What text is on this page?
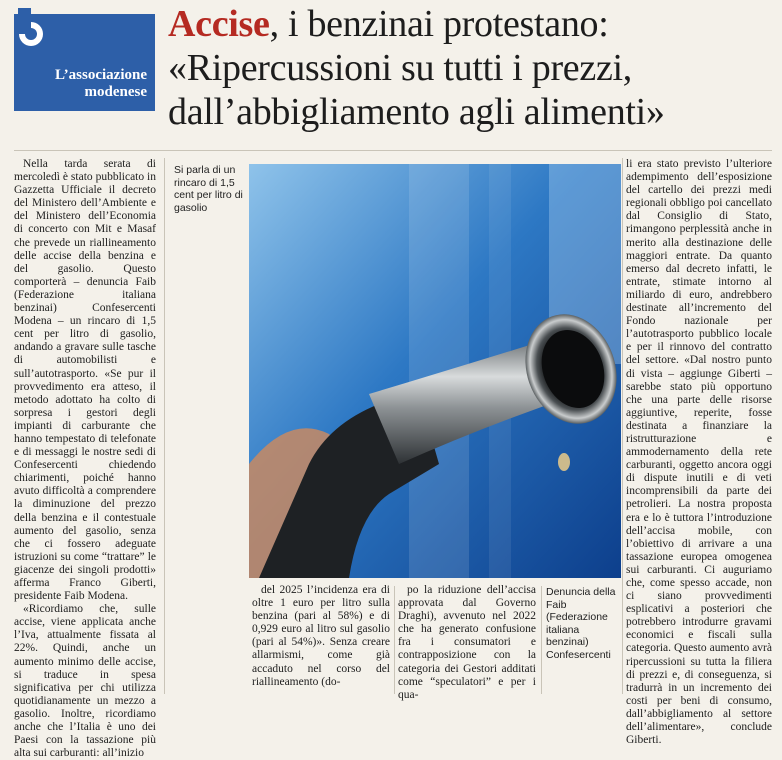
L’associazione
modenese
Accise, i benzinai protestano:
«Ripercussioni su tutti i prezzi,
dall’abbigliamento agli alimenti»

Nella tarda serata di mercoledì è stato pubblicato in Gazzetta Ufficiale il decreto del Ministero dell’Ambiente e del Ministero dell’Economia di concerto con Mit e Masaf che prevede un riallineamento delle accise della benzina e del gasolio. Questo comporterà – denuncia Faib (Federazione italiana benzinai) Confesercenti Modena – un rincaro di 1,5 cent per litro di gasolio, andando a gravare sulle tasche di automobilisti e sull’autotrasporto. «Se pur il provvedimento era atteso, il metodo adottato ha colto di sorpresa i gestori degli impianti di carburante che hanno tempestato di telefonate e di messaggi le nostre sedi di Confesercenti chiedendo chiarimenti, poiché hanno avuto difficoltà a comprendere la diminuzione del prezzo della benzina e il contestuale aumento del gasolio, senza che ci fossero adeguate istruzioni su come “trattare” le giacenze dei singoli prodotti» afferma Franco Giberti, presidente Faib Modena.

«Ricordiamo che, sulle accise, viene applicata anche l’Iva, attualmente fissata al 22%. Quindi, anche un aumento minimo delle accise, si traduce in spesa significativa per chi utilizza quotidianamente un mezzo a gasolio. Inoltre, ricordiamo anche che l’Italia è uno dei Paesi con la tassazione più alta sui carburanti: all’inizio

Si parla di un rincaro di 1,5 cent per litro di gasolio

del 2025 l’incidenza era di oltre 1 euro per litro sulla benzina (pari al 58%) e di 0,929 euro al litro sul gasolio (pari al 54%)». Senza creare allarmismi, come già accaduto nel corso del riallineamento (do-

po la riduzione dell’accisa approvata dal Governo Draghi), avvenuto nel 2022 che ha generato confusione fra i consumatori e contrapposizione con la categoria dei Gestori additati come “speculatori” e per i qua-

Denuncia della Faib (Federazione italiana benzinai) Confesercenti

li era stato previsto l’ulteriore adempimento dell’esposizione del cartello dei prezzi medi regionali obbligo poi cancellato dal Consiglio di Stato, rimangono perplessità anche in merito alla destinazione delle maggiori entrate. Da quanto emerso dal decreto infatti, le entrate, stimate intorno al miliardo di euro, andrebbero destinate all’incremento del Fondo nazionale per l’autotrasporto pubblico locale e per il rinnovo del contratto del settore. «Dal nostro punto di vista – aggiunge Giberti – sarebbe stato più opportuno che una parte delle risorse aggiuntive, reperite, fosse destinata a finanziare la ristrutturazione e ammodernamento della rete carburanti, oggetto ancora oggi di dispute inutili e di veti incomprensibili da parte dei petrolieri. La nostra proposta era e lo è tuttora l’introduzione dell’accisa mobile, con l’obiettivo di arrivare a una tassazione europea omogenea sui carburanti. Ci auguriamo che, come spesso accade, non ci siano provvedimenti esplicativi a posteriori che potrebbero introdurre gravami economici e fiscali sulla categoria. Questo aumento avrà ripercussioni su tutta la filiera di prezzi e, di conseguenza, si tradurrà in un incremento dei costi per beni di consumo, dall’abbigliamento al settore dell’alimentare», conclude Giberti.
